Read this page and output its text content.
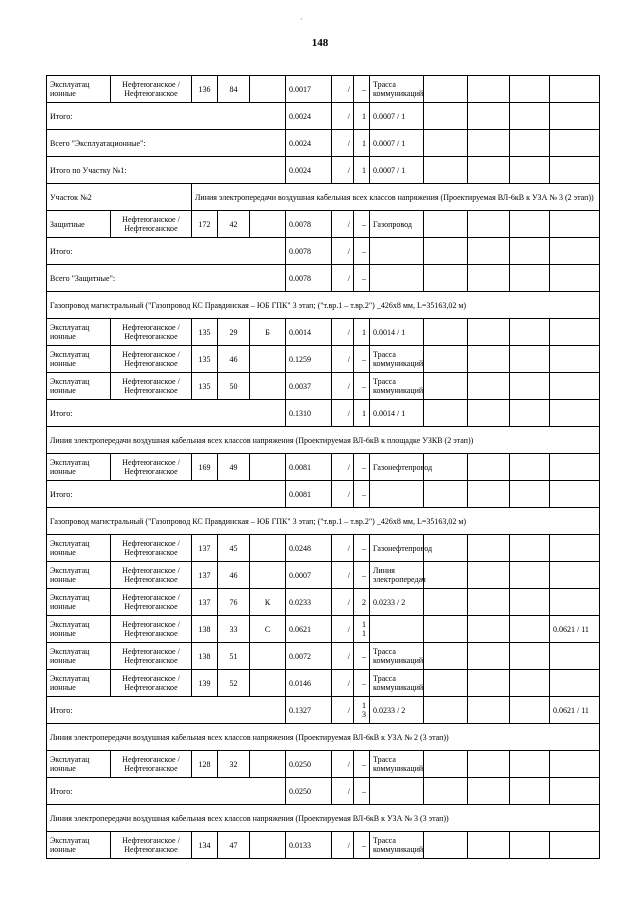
148
Эксплуатац ионные	Нефтеюганское / Нефтеюганское	136	84		0.0017	/	–	Трасса коммуникаций				
Итого:					0.0024	/	1	0.0007 / 1				
Всего "Эксплуатационные":					0.0024	/	1	0.0007 / 1				
Итого по Участку №1:					0.0024	/	1	0.0007 / 1				
Участок №2		Линия электропередачи воздушная кабельная всех классов напряжения (Проектируемая ВЛ-6кВ к УЗА № 3 (2 этап))										
Защитные	Нефтеюганское / Нефтеюганское	172	42		0.0078	/	–	Газопровод				
Итого:					0.0078	/	–					
Всего "Защитные":					0.0078	/	–					
Газопровод магистральный ("Газопровод КС Правдинская – ЮБ ГПК" 3 этап; ("т.вр.1 – т.вр.2") _426х8 мм, L=35163,02 м)												
Эксплуатац ионные	Нефтеюганское / Нефтеюганское	135	29	Б	0.0014	/	1	0.0014 / 1				
Эксплуатац ионные	Нефтеюганское / Нефтеюганское	135	46		0.1259	/	–	Трасса коммуникаций				
Эксплуатац ионные	Нефтеюганское / Нефтеюганское	135	50		0.0037	/	–	Трасса коммуникаций				
Итого:					0.1310	/	1	0.0014 / 1				
Линия электропередачи воздушная кабельная всех классов напряжения (Проектируемая ВЛ-6кВ к площадке УЗКВ (2 этап))												
Эксплуатац ионные	Нефтеюганское / Нефтеюганское	169	49		0.0081	/	–	Газонефтепровод				
Итого:					0.0081	/	–					
Газопровод магистральный ("Газопровод КС Правдинская – ЮБ ГПК" 3 этап; ("т.вр.1 – т.вр.2") _426х8 мм, L=35163,02 м)												
Эксплуатац ионные	Нефтеюганское / Нефтеюганское	137	45		0.0248	/	–	Газонефтепровод				
Эксплуатац ионные	Нефтеюганское / Нефтеюганское	137	46		0.0007	/	–	Линия электропередач				
Эксплуатац ионные	Нефтеюганское / Нефтеюганское	137	76	К	0.0233	/	2	0.0233 / 2				
Эксплуатац ионные	Нефтеюганское / Нефтеюганское	138	33	С	0.0621	/	1 1					0.0621 / 11
Эксплуатац ионные	Нефтеюганское / Нефтеюганское	138	51		0.0072	/	–	Трасса коммуникаций				
Эксплуатац ионные	Нефтеюганское / Нефтеюганское	139	52		0.0146	/	–	Трасса коммуникаций				
Итого:					0.1327	/	1 3	0.0233 / 2				0.0621 / 11
Линия электропередачи воздушная кабельная всех классов напряжения (Проектируемая ВЛ-6кВ к УЗА № 2 (3 этап))												
Эксплуатац ионные	Нефтеюганское / Нефтеюганское	128	32		0.0250	/	–	Трасса коммуникаций				
Итого:					0.0250	/	–					
Линия электропередачи воздушная кабельная всех классов напряжения (Проектируемая ВЛ-6кВ к УЗА № 3 (3 этап))												
Эксплуатац ионные	Нефтеюганское / Нефтеюганское	134	47		0.0133	/	–	Трасса коммуникаций				
·
